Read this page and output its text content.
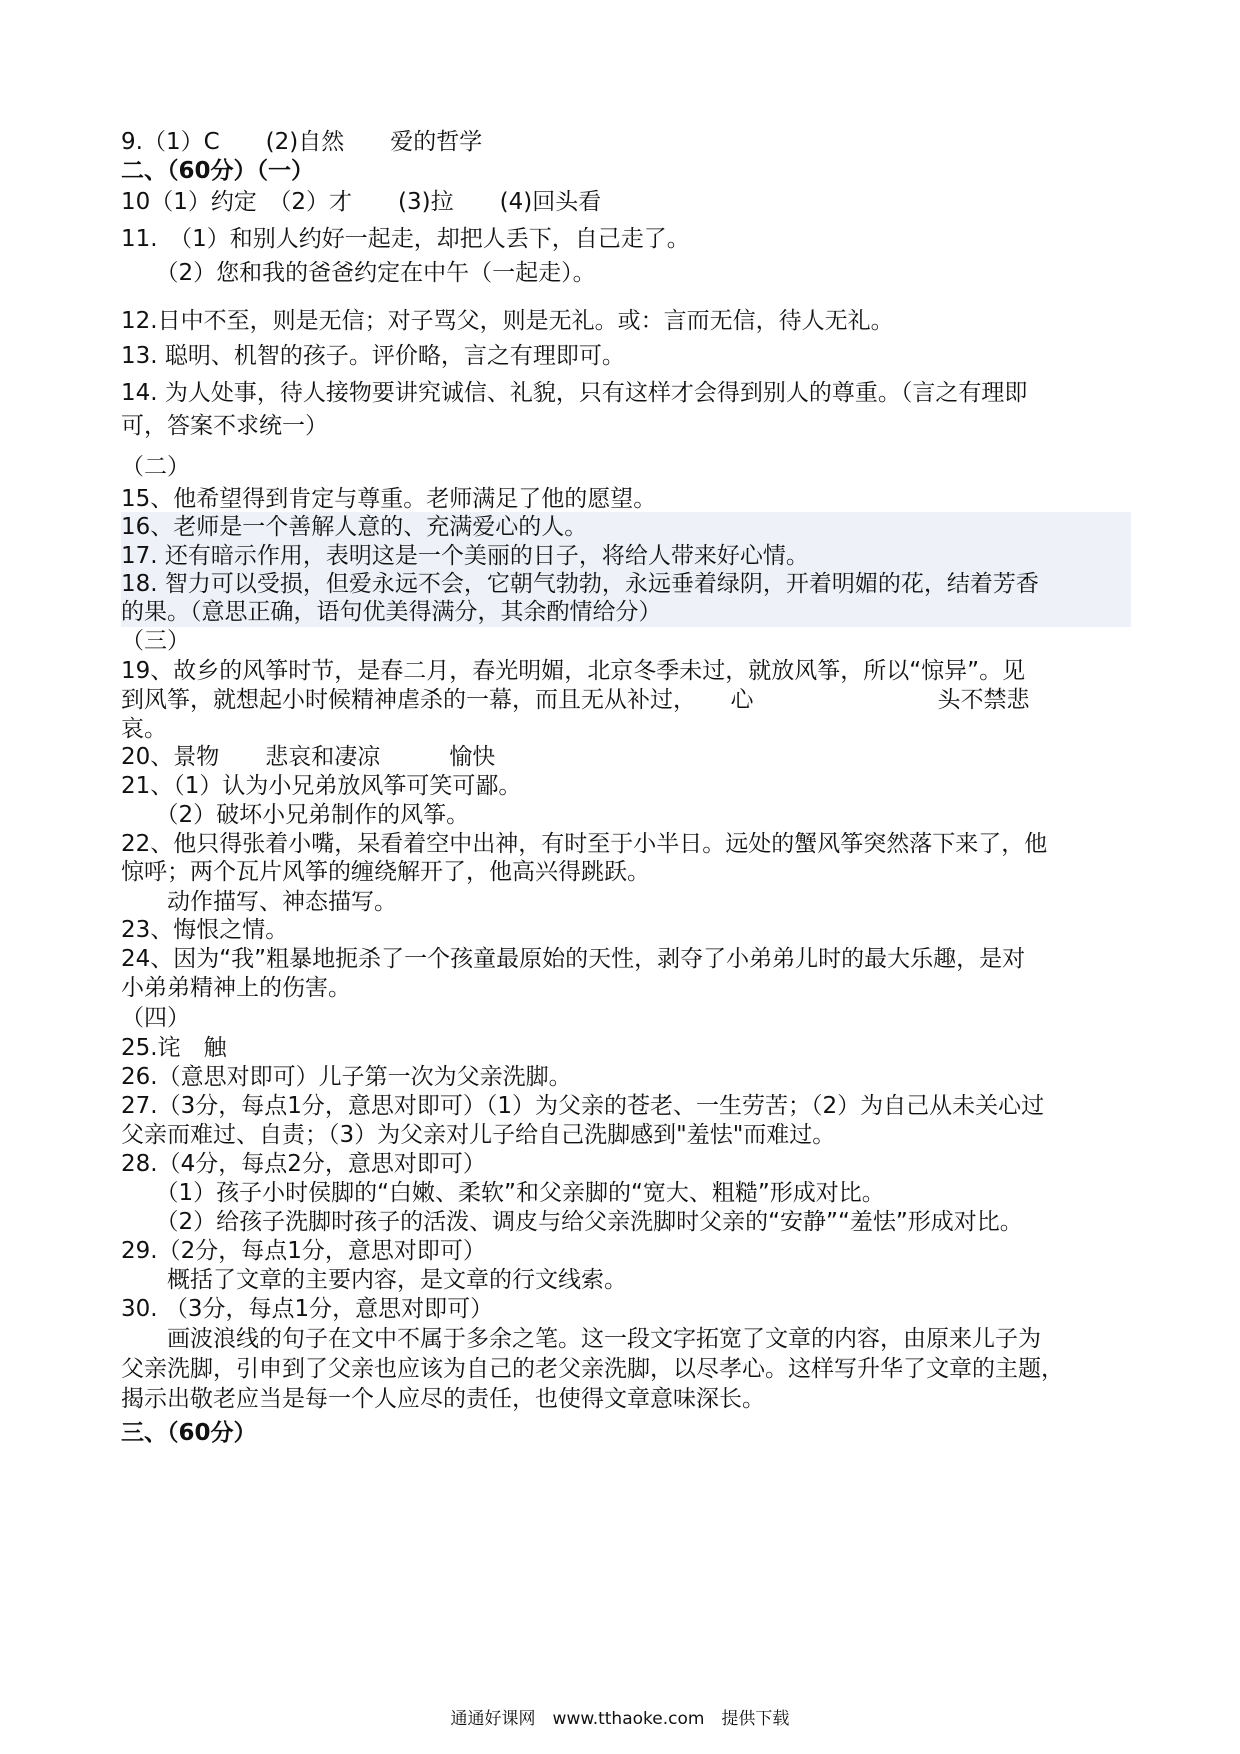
9.（1）C　　(2)自然　　爱的哲学
二、（60分）（一）
10（1）约定　（2）才　　(3)拉　　(4)回头看
11.　（1）和别人约好一起走，却把人丢下，自己走了。
　　（2）您和我的爸爸约定在中午（一起走）。
12.日中不至，则是无信；对子骂父，则是无礼。或：言而无信，待人无礼。
13. 聪明、机智的孩子。评价略，言之有理即可。
14. 为人处事，待人接物要讲究诚信、礼貌，只有这样才会得到别人的尊重。（言之有理即
可，答案不求统一）
（二）
15、他希望得到肯定与尊重。老师满足了他的愿望。
16、老师是一个善解人意的、充满爱心的人。
17. 还有暗示作用，表明这是一个美丽的日子，将给人带来好心情。
18. 智力可以受损，但爱永远不会，它朝气勃勃，永远垂着绿阴，开着明媚的花，结着芳香
的果。（意思正确，语句优美得满分，其余酌情给分）
（三）
19、故乡的风筝时节，是春二月，春光明媚，北京冬季未过，就放风筝，所以“惊异”。见
到风筝，就想起小时候精神虐杀的一幕，而且无从补过，　　心　　　　　　　　头不禁悲
哀。
20、景物　　悲哀和凄凉　　　愉快
21、（1）认为小兄弟放风筝可笑可鄙。
　　（2）破坏小兄弟制作的风筝。
22、他只得张着小嘴，呆看着空中出神，有时至于小半日。远处的蟹风筝突然落下来了，他
惊呼；两个瓦片风筝的缠绕解开了，他高兴得跳跃。
　　动作描写、神态描写。
23、悔恨之情。
24、因为“我”粗暴地扼杀了一个孩童最原始的天性，剥夺了小弟弟儿时的最大乐趣，是对
小弟弟精神上的伤害。
（四）
25.诧　触
26.（意思对即可）儿子第一次为父亲洗脚。
27.（3分，每点1分，意思对即可）（1）为父亲的苍老、一生劳苦；（2）为自己从未关心过
父亲而难过、自责；（3）为父亲对儿子给自己洗脚感到"羞怯"而难过。
28.（4分，每点2分，意思对即可）
　　（1）孩子小时侯脚的“白嫩、柔软”和父亲脚的“宽大、粗糙”形成对比。
　　（2）给孩子洗脚时孩子的活泼、调皮与给父亲洗脚时父亲的“安静”“羞怯”形成对比。
29.（2分，每点1分，意思对即可）
　　概括了文章的主要内容，是文章的行文线索。
30. （3分，每点1分，意思对即可）
　　画波浪线的句子在文中不属于多余之笔。这一段文字拓宽了文章的内容，由原来儿子为
父亲洗脚，引申到了父亲也应该为自己的老父亲洗脚，以尽孝心。这样写升华了文章的主题，
揭示出敬老应当是每一个人应尽的责任，也使得文章意味深长。
三、（60分）
通通好课网　www.tthaoke.com　提供下载
